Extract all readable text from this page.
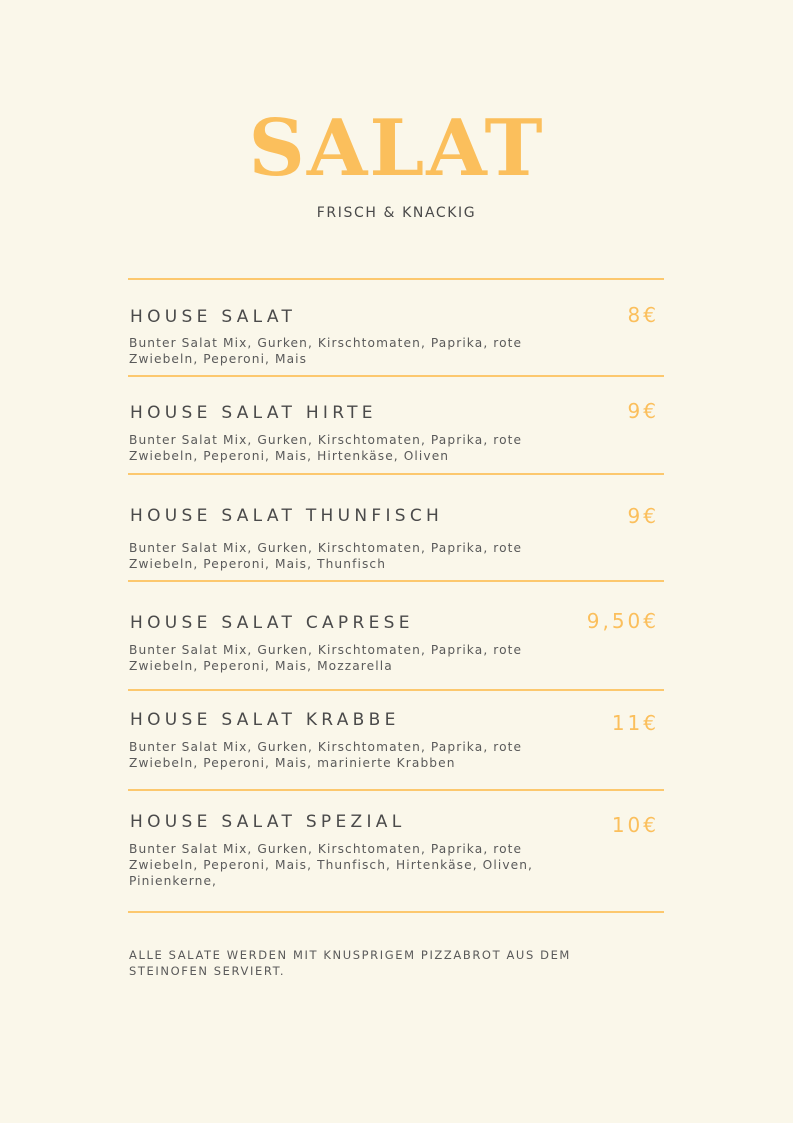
SALAT
FRISCH & KNACKIG
HOUSE SALAT	8€
Bunter Salat Mix, Gurken, Kirschtomaten, Paprika, rote Zwiebeln, Peperoni, Mais
HOUSE SALAT HIRTE	9€
Bunter Salat Mix, Gurken, Kirschtomaten, Paprika, rote Zwiebeln, Peperoni, Mais, Hirtenkäse, Oliven
HOUSE SALAT THUNFISCH	9€
Bunter Salat Mix, Gurken, Kirschtomaten, Paprika, rote Zwiebeln, Peperoni, Mais, Thunfisch
HOUSE SALAT CAPRESE	9,50€
Bunter Salat Mix, Gurken, Kirschtomaten, Paprika, rote Zwiebeln, Peperoni, Mais, Mozzarella
HOUSE SALAT KRABBE	11€
Bunter Salat Mix, Gurken, Kirschtomaten, Paprika, rote Zwiebeln, Peperoni, Mais, marinierte Krabben
HOUSE SALAT SPEZIAL	10€
Bunter Salat Mix, Gurken, Kirschtomaten, Paprika, rote Zwiebeln, Peperoni, Mais, Thunfisch, Hirtenkäse, Oliven, Pinienkerne,
ALLE SALATE WERDEN MIT KNUSPRIGEM PIZZABROT AUS DEM STEINOFEN SERVIERT.
